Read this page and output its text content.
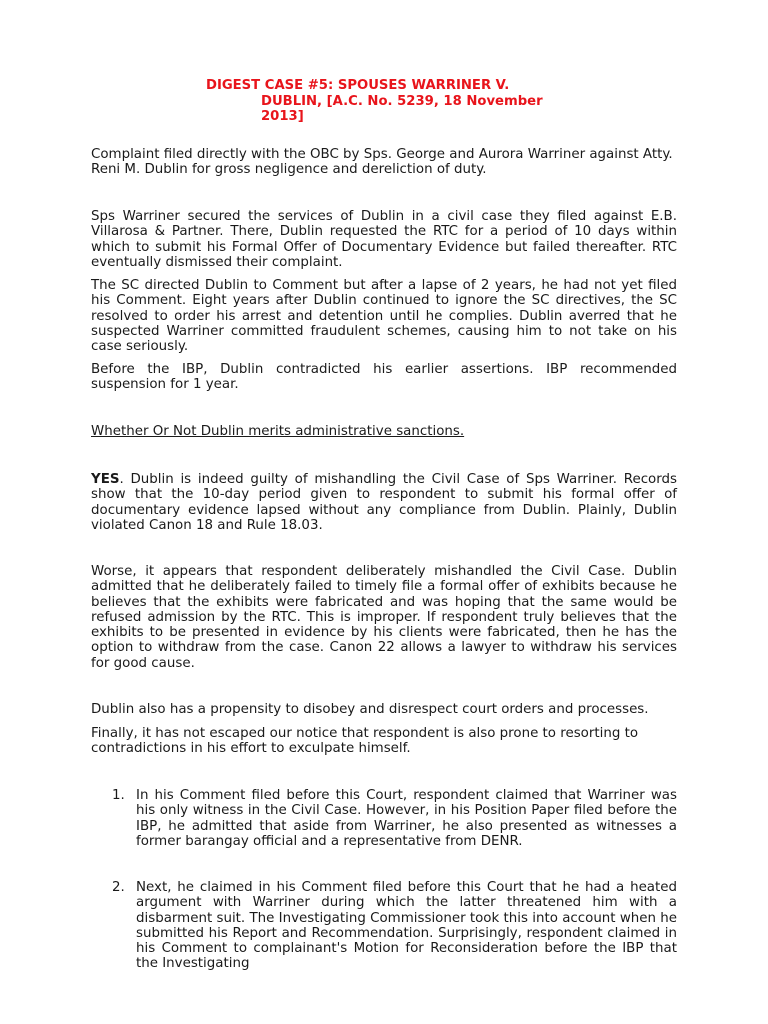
DIGEST CASE #5: SPOUSES WARRINER V.
DUBLIN, [A.C. No. 5239, 18 November
2013]

Complaint filed directly with the OBC by Sps. George and Aurora Warriner against Atty. Reni M. Dublin for gross negligence and dereliction of duty.

Sps Warriner secured the services of Dublin in a civil case they filed against E.B. Villarosa & Partner. There, Dublin requested the RTC for a period of 10 days within which to submit his Formal Offer of Documentary Evidence but failed thereafter. RTC eventually dismissed their complaint.

The SC directed Dublin to Comment but after a lapse of 2 years, he had not yet filed his Comment. Eight years after Dublin continued to ignore the SC directives, the SC resolved to order his arrest and detention until he complies. Dublin averred that he suspected Warriner committed fraudulent schemes, causing him to not take on his case seriously.

Before the IBP, Dublin contradicted his earlier assertions. IBP recommended suspension for 1 year.

Whether Or Not Dublin merits administrative sanctions.

YES. Dublin is indeed guilty of mishandling the Civil Case of Sps Warriner. Records show that the 10-day period given to respondent to submit his formal offer of documentary evidence lapsed without any compliance from Dublin. Plainly, Dublin violated Canon 18 and Rule 18.03.

Worse, it appears that respondent deliberately mishandled the Civil Case. Dublin admitted that he deliberately failed to timely file a formal offer of exhibits because he believes that the exhibits were fabricated and was hoping that the same would be refused admission by the RTC. This is improper. If respondent truly believes that the exhibits to be presented in evidence by his clients were fabricated, then he has the option to withdraw from the case. Canon 22 allows a lawyer to withdraw his services for good cause.

Dublin also has a propensity to disobey and disrespect court orders and processes.

Finally, it has not escaped our notice that respondent is also prone to resorting to contradictions in his effort to exculpate himself.

1. In his Comment filed before this Court, respondent claimed that Warriner was his only witness in the Civil Case. However, in his Position Paper filed before the IBP, he admitted that aside from Warriner, he also presented as witnesses a former barangay official and a representative from DENR.
2. Next, he claimed in his Comment filed before this Court that he had a heated argument with Warriner during which the latter threatened him with a disbarment suit. The Investigating Commissioner took this into account when he submitted his Report and Recommendation. Surprisingly, respondent claimed in his Comment to complainant's Motion for Reconsideration before the IBP that the Investigating
